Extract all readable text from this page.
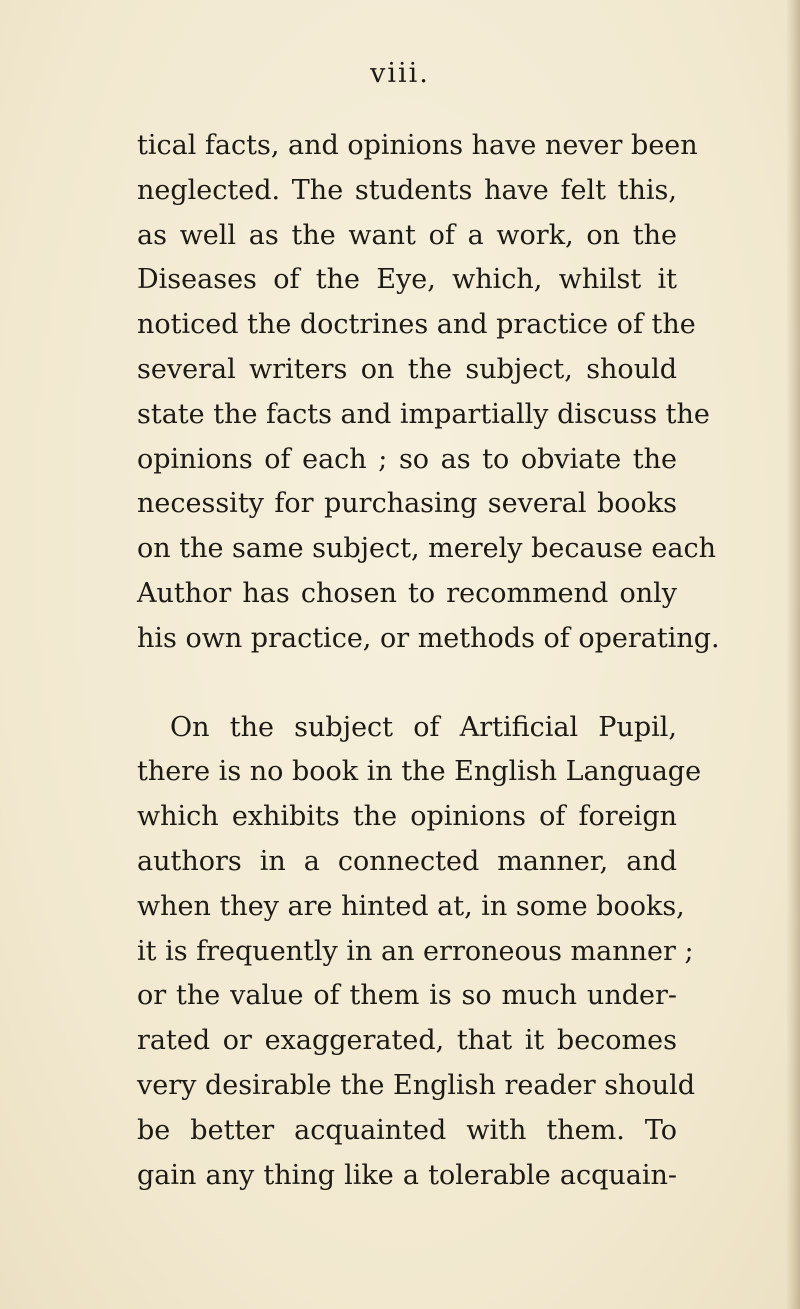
viii.
tical facts, and opinions have never been
neglected. The students have felt this,
as well as the want of a work, on the
Diseases of the Eye, which, whilst it
noticed the doctrines and practice of the
several writers on the subject, should
state the facts and impartially discuss the
opinions of each ; so as to obviate the
necessity for purchasing several books
on the same subject, merely because each
Author has chosen to recommend only
his own practice, or methods of operating.
On the subject of Artificial Pupil,
there is no book in the English Language
which exhibits the opinions of foreign
authors in a connected manner, and
when they are hinted at, in some books,
it is frequently in an erroneous manner ;
or the value of them is so much under-
rated or exaggerated, that it becomes
very desirable the English reader should
be better acquainted with them. To
gain any thing like a tolerable acquain-
